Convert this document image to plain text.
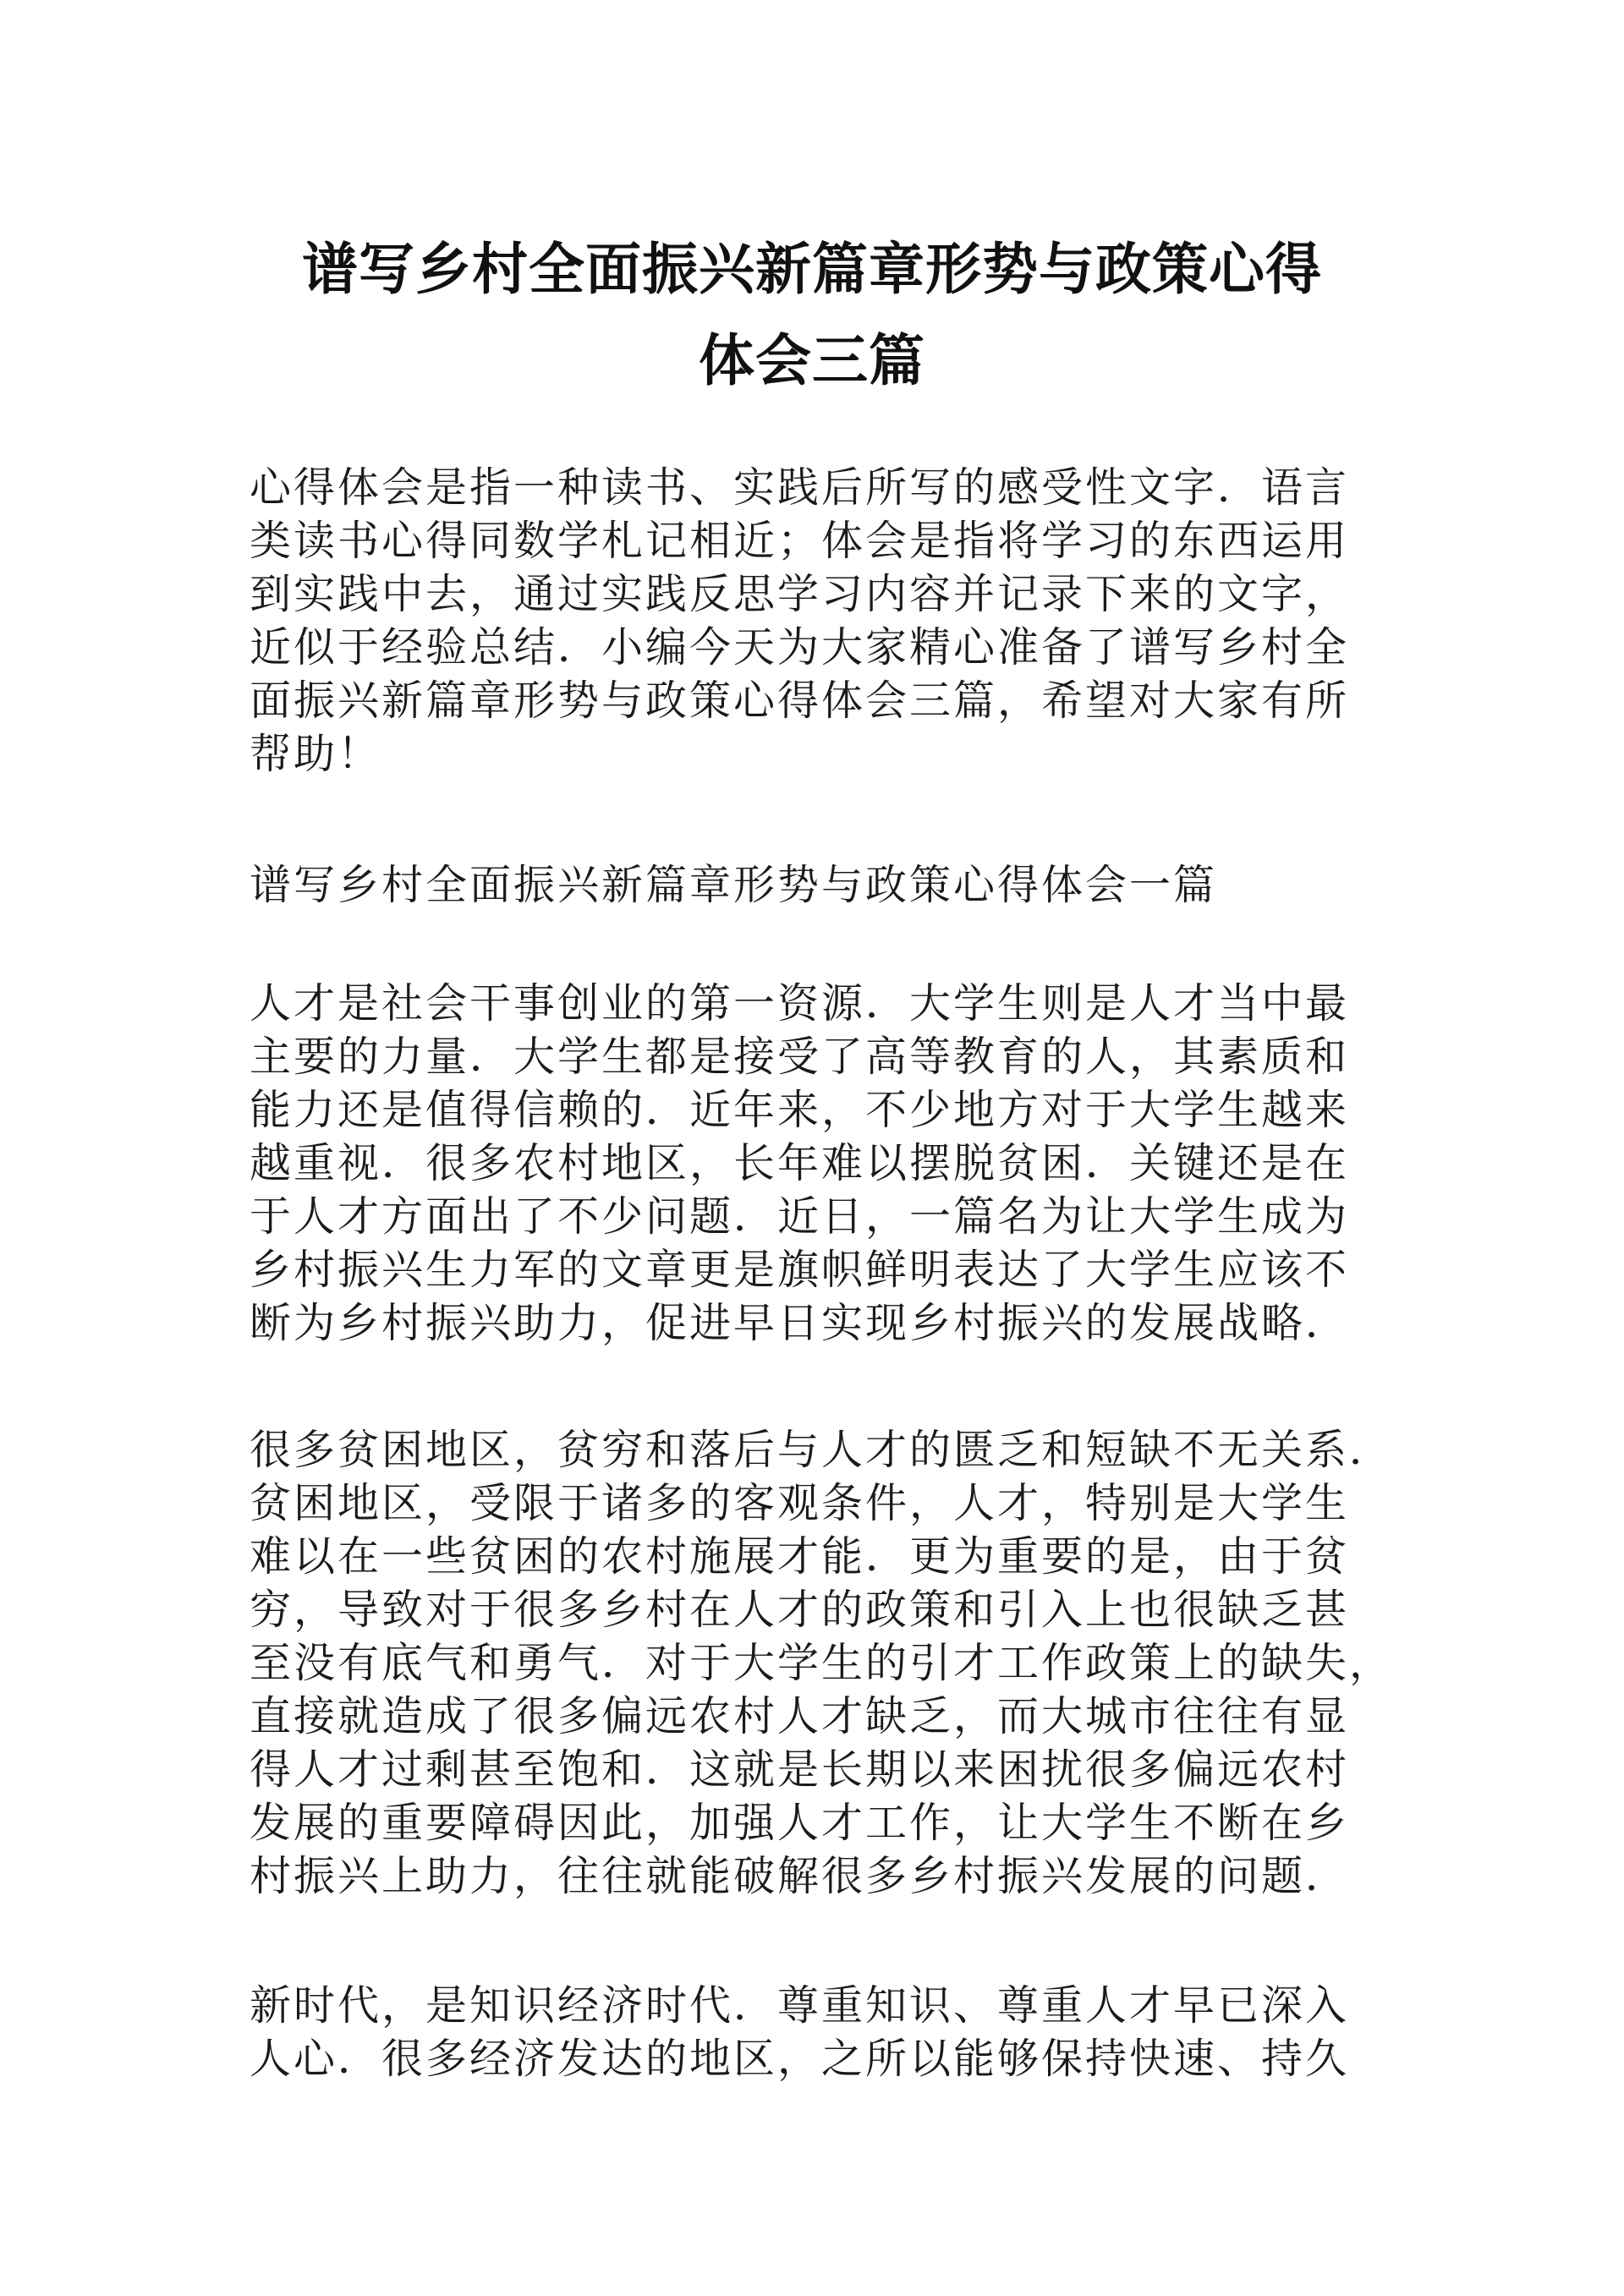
谱写乡村全面振兴新篇章形势与政策心得
体会三篇
心得体会是指一种读书、实践后所写的感受性文字．语言
类读书心得同数学札记相近；体会是指将学习的东西运用
到实践中去，通过实践反思学习内容并记录下来的文字，
近似于经验总结．小编今天为大家精心准备了谱写乡村全
面振兴新篇章形势与政策心得体会三篇，希望对大家有所
帮助！
谱写乡村全面振兴新篇章形势与政策心得体会一篇
人才是社会干事创业的第一资源．大学生则是人才当中最
主要的力量．大学生都是接受了高等教育的人，其素质和
能力还是值得信赖的．近年来，不少地方对于大学生越来
越重视．很多农村地区，长年难以摆脱贫困．关键还是在
于人才方面出了不少问题．近日，一篇名为让大学生成为
乡村振兴生力军的文章更是旗帜鲜明表达了大学生应该不
断为乡村振兴助力，促进早日实现乡村振兴的发展战略．
很多贫困地区，贫穷和落后与人才的匮乏和短缺不无关系．
贫困地区，受限于诸多的客观条件，人才，特别是大学生
难以在一些贫困的农村施展才能．更为重要的是，由于贫
穷，导致对于很多乡村在人才的政策和引入上也很缺乏甚
至没有底气和勇气．对于大学生的引才工作政策上的缺失，
直接就造成了很多偏远农村人才缺乏，而大城市往往有显
得人才过剩甚至饱和．这就是长期以来困扰很多偏远农村
发展的重要障碍因此，加强人才工作，让大学生不断在乡
村振兴上助力，往往就能破解很多乡村振兴发展的问题．
新时代，是知识经济时代．尊重知识、尊重人才早已深入
人心．很多经济发达的地区，之所以能够保持快速、持久
